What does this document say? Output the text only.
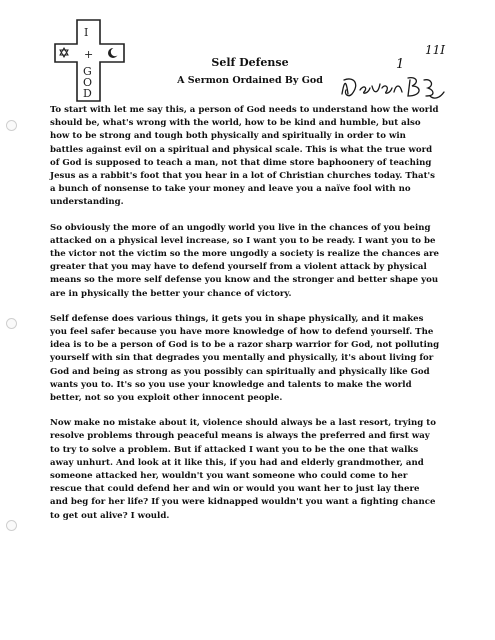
I
+
G
O
D
Self Defense
A Sermon Ordained By God
1
11I

To start with let me say this, a person of God needs to understand how the world should be, what's wrong with the world, how to be kind and humble, but also how to be strong and tough both physically and spiritually in order to win battles against evil on a spiritual and physical scale. This is what the true word of God is supposed to teach a man, not that dime store baphoonery of teaching Jesus as a rabbit's foot that you hear in a lot of Christian churches today. That's a bunch of nonsense to take your money and leave you a naïve fool with no understanding.

So obviously the more of an ungodly world you live in the chances of you being attacked on a physical level increase, so I want you to be ready. I want you to be the victor not the victim so the more ungodly a society is realize the chances are greater that you may have to defend yourself from a violent attack by physical means so the more self defense you know and the stronger and better shape you are in physically the better your chance of victory.

Self defense does various things, it gets you in shape physically, and it makes you feel safer because you have more knowledge of how to defend yourself. The idea is to be a person of God is to be a razor sharp warrior for God, not polluting yourself with sin that degrades you mentally and physically, it's about living for God and being as strong as you possibly can spiritually and physically like God wants you to. It's so you use your knowledge and talents to make the world better, not so you exploit other innocent people.

Now make no mistake about it, violence should always be a last resort, trying to resolve problems through peaceful means is always the preferred and first way to try to solve a problem. But if attacked I want you to be the one that walks away unhurt. And look at it like this, if you had and elderly grandmother, and someone attacked her, wouldn't you want someone who could come to her rescue that could defend her and win or would you want her to just lay there and beg for her life? If you were kidnapped wouldn't you want a fighting chance to get out alive? I would.
